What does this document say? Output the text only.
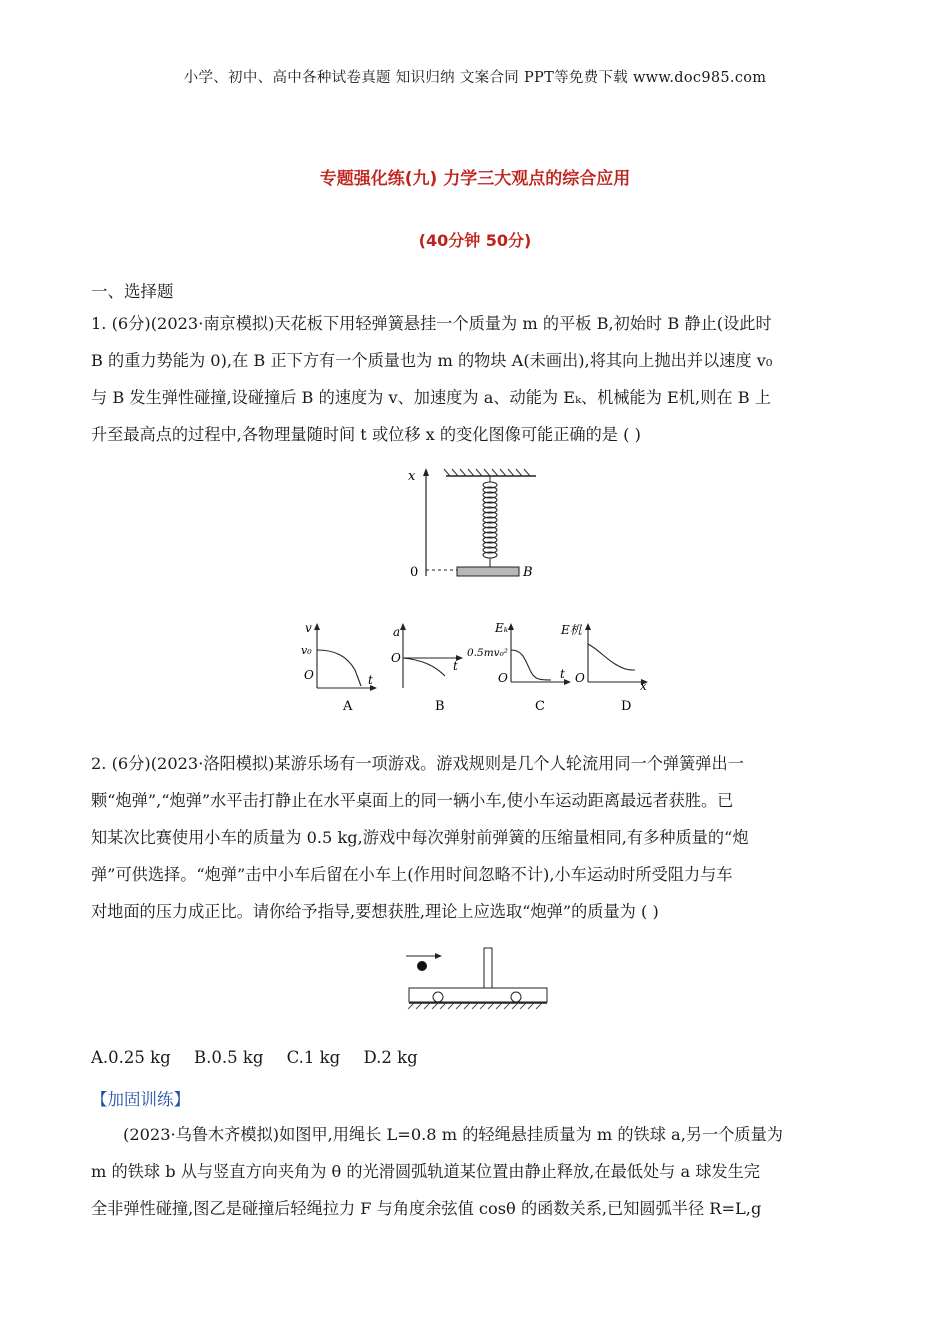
小学、初中、高中各种试卷真题 知识归纳 文案合同 PPT等免费下载 www.doc985.com
专题强化练(九) 力学三大观点的综合应用
(40分钟 50分)
一、选择题
1. (6分)(2023·南京模拟)天花板下用轻弹簧悬挂一个质量为 m 的平板 B,初始时 B 静止(设此时
B 的重力势能为 0),在 B 正下方有一个质量也为 m 的物块 A(未画出),将其向上抛出并以速度 v₀
与 B 发生弹性碰撞,设碰撞后 B 的速度为 v、加速度为 a、动能为 Eₖ、机械能为 E机,则在 B 上
升至最高点的过程中,各物理量随时间 t 或位移 x 的变化图像可能正确的是 ( )
x
0	B
v
v₀
O	t
A
a
O
t
B
Eₖ
0.5mv₀²
O	t
C
E机
O
x
D
2. (6分)(2023·洛阳模拟)某游乐场有一项游戏。游戏规则是几个人轮流用同一个弹簧弹出一
颗“炮弹”,“炮弹”水平击打静止在水平桌面上的同一辆小车,使小车运动距离最远者获胜。已
知某次比赛使用小车的质量为 0.5 kg,游戏中每次弹射前弹簧的压缩量相同,有多种质量的“炮
弹”可供选择。“炮弹”击中小车后留在小车上(作用时间忽略不计),小车运动时所受阻力与车
对地面的压力成正比。请你给予指导,要想获胜,理论上应选取“炮弹”的质量为 ( )
A.0.25 kg B.0.5 kg C.1 kg D.2 kg
【加固训练】
(2023·乌鲁木齐模拟)如图甲,用绳长 L=0.8 m 的轻绳悬挂质量为 m 的铁球 a,另一个质量为
m 的铁球 b 从与竖直方向夹角为 θ 的光滑圆弧轨道某位置由静止释放,在最低处与 a 球发生完
全非弹性碰撞,图乙是碰撞后轻绳拉力 F 与角度余弦值 cosθ 的函数关系,已知圆弧半径 R=L,g
